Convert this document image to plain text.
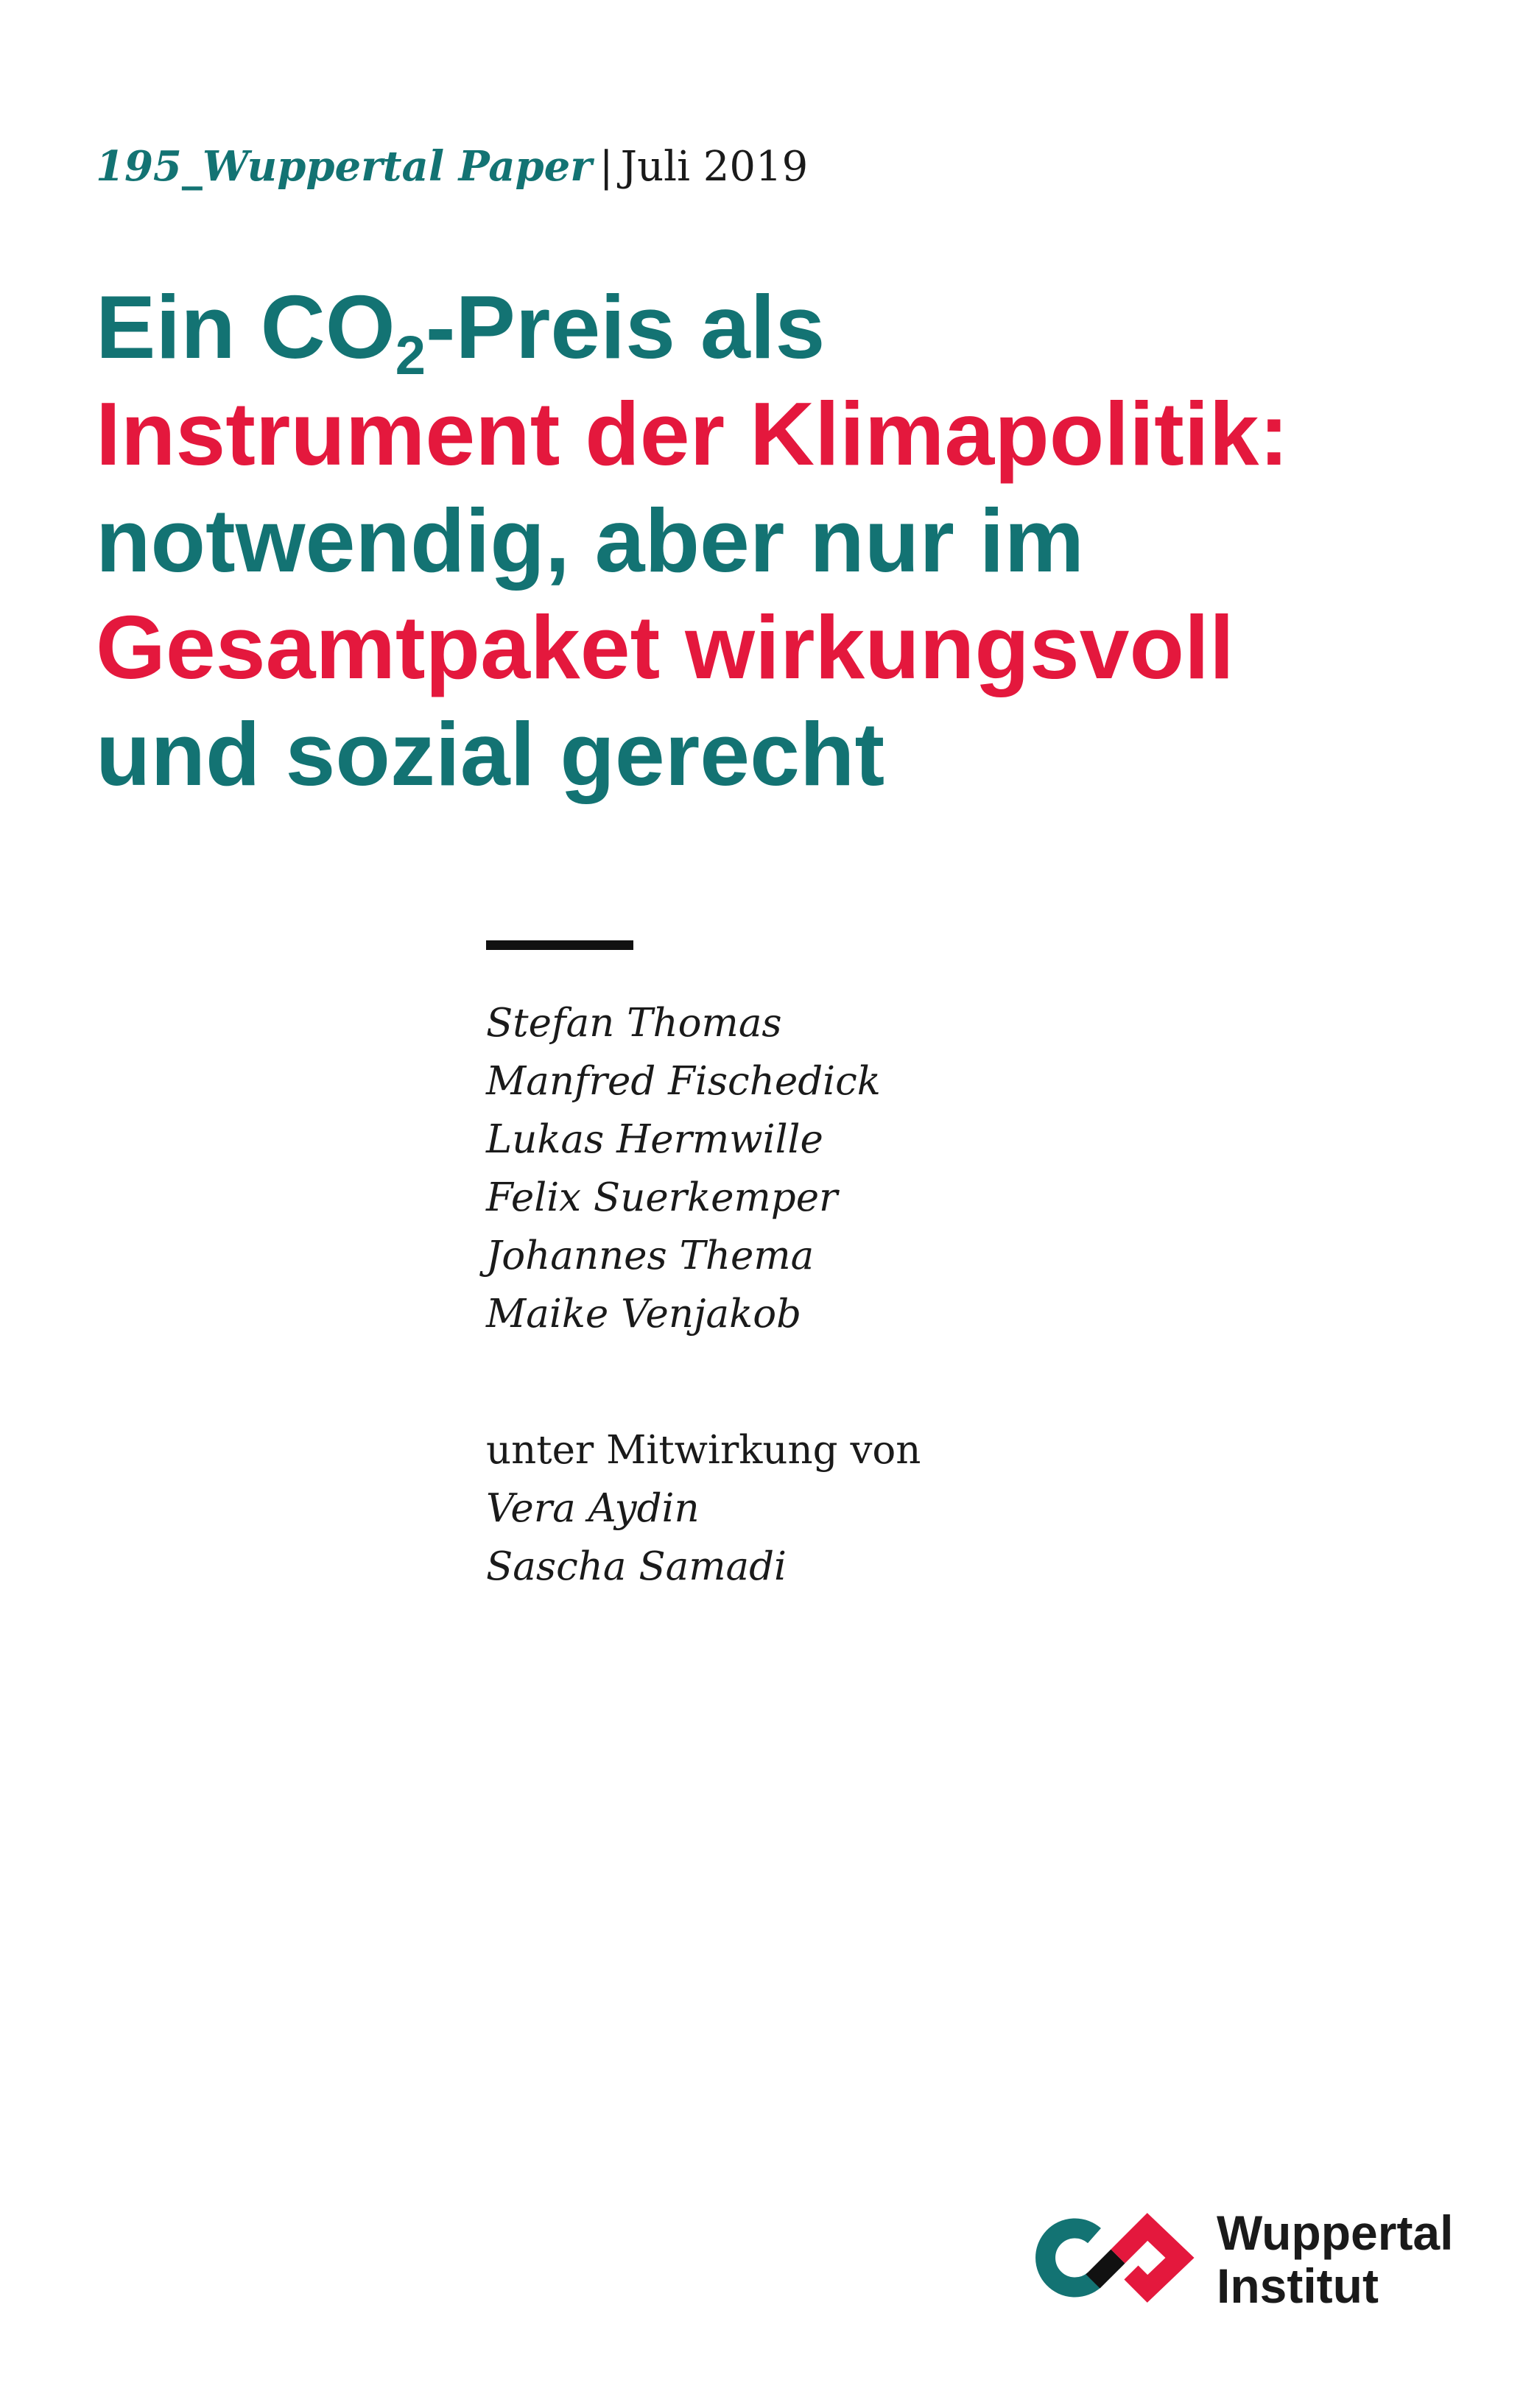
195_Wuppertal Paper | Juli 2019
Ein $CO_2$-Preis als
Instrument der Klimapolitik:
notwendig, aber nur im
Gesamtpaket wirkungsvoll
und sozial gerecht
Stefan Thomas
Manfred Fischedick
Lukas Hermwille
Felix Suerkemper
Johannes Thema
Maike Venjakob
unter Mitwirkung von
Vera Aydin
Sascha Samadi
Wuppertal
Institut
